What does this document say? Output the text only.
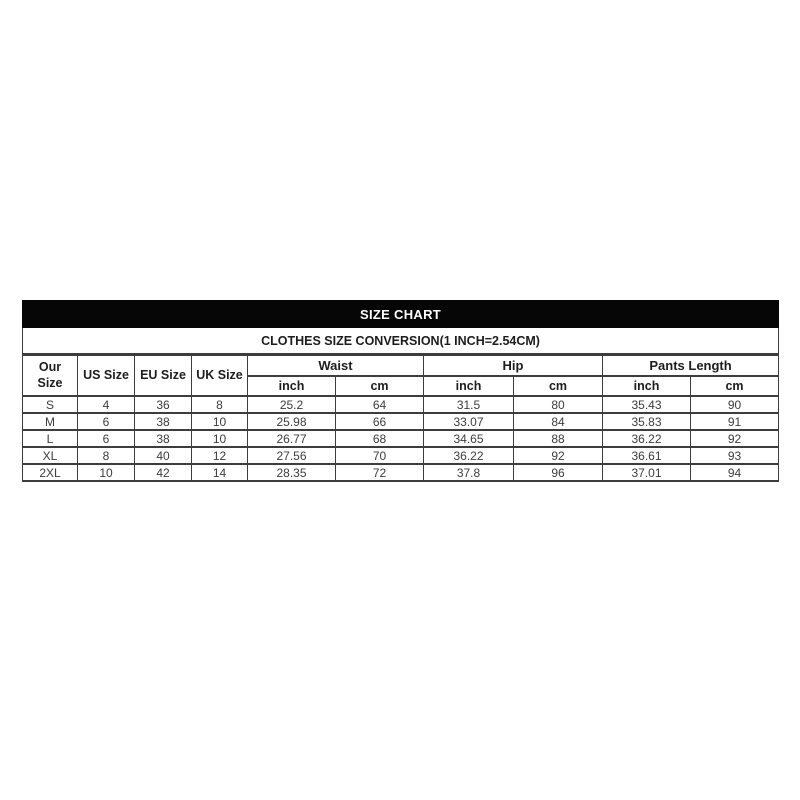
SIZE CHART									
CLOTHES SIZE CONVERSION(1 INCH=2.54CM)									
Our Size	US Size	EU Size	UK Size	Waist		Hip		Pants Length	
				inch	cm	inch	cm	inch	cm
S	4	36	8	25.2	64	31.5	80	35.43	90
M	6	38	10	25.98	66	33.07	84	35.83	91
L	6	38	10	26.77	68	34.65	88	36.22	92
XL	8	40	12	27.56	70	36.22	92	36.61	93
2XL	10	42	14	28.35	72	37.8	96	37.01	94
